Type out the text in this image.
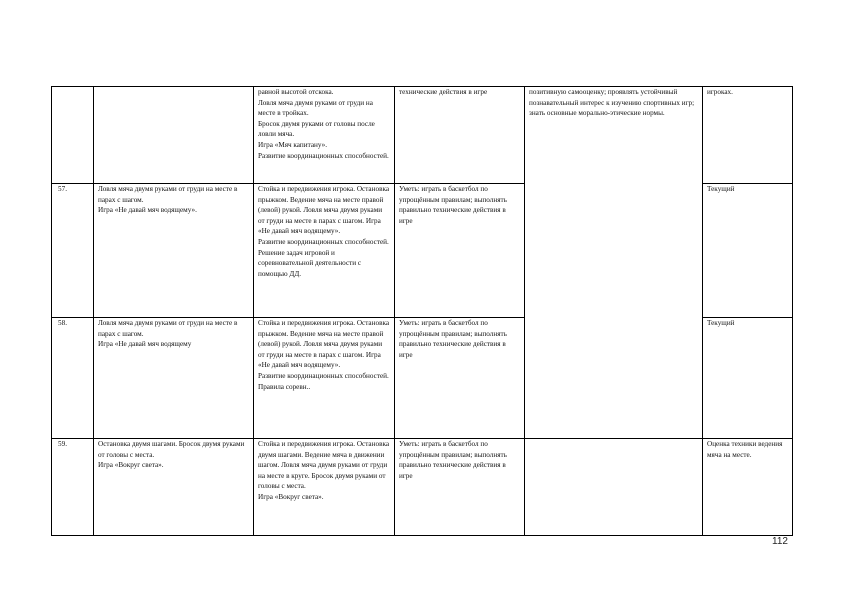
		равной высотой отскока.
Ловля мяча двумя руками от груди на месте в тройках.
Бросок двумя руками от головы после ловли мяча.
Игра «Мяч капитану».
Развитие координационных способностей.	технические действия в игре	позитивную самооценку; проявлять устойчивый познавательный интерес к изучению спортивных игр; знать основные морально-этические нормы.	игроках.

57.	Ловля мяча двумя руками от груди на месте в парах с шагом.
Игра «Не давай мяч водящему».	Стойка и передвижения игрока. Остановка прыжком. Ведение мяча на месте правой (левой) рукой. Ловля мяча двумя руками от груди на месте в парах с шагом. Игра «Не давай мяч водящему».
Развитие координационных способностей. Решение задач игровой и соревновательной деятельности с помощью ДД.	Уметь: играть в баскетбол по упрощённым правилам; выполнять правильно технические действия в игре		Текущий

58.	Ловля мяча двумя руками от груди на месте в парах с шагом.
Игра «Не давай мяч водящему	Стойка и передвижения игрока. Остановка прыжком. Ведение мяча на месте правой (левой) рукой. Ловля мяча двумя руками от груди на месте в парах с шагом. Игра «Не давай мяч водящему».
Развитие координационных способностей. Правила соревн..	Уметь: играть в баскетбол по упрощённым правилам; выполнять правильно технические действия в игре		Текущий

59.	Остановка двумя шагами. Бросок двумя руками от головы с места.
Игра «Вокруг света».	Стойка и передвижения игрока. Остановка двумя шагами. Ведение мяча в движении шагом. Ловля мяча двумя руками от груди на месте в круге. Бросок двумя руками от головы с места.
Игра «Вокруг света».	Уметь: играть в баскетбол по упрощённым правилам; выполнять правильно технические действия в игре		Оценка техники ведения мяча на месте.
112
